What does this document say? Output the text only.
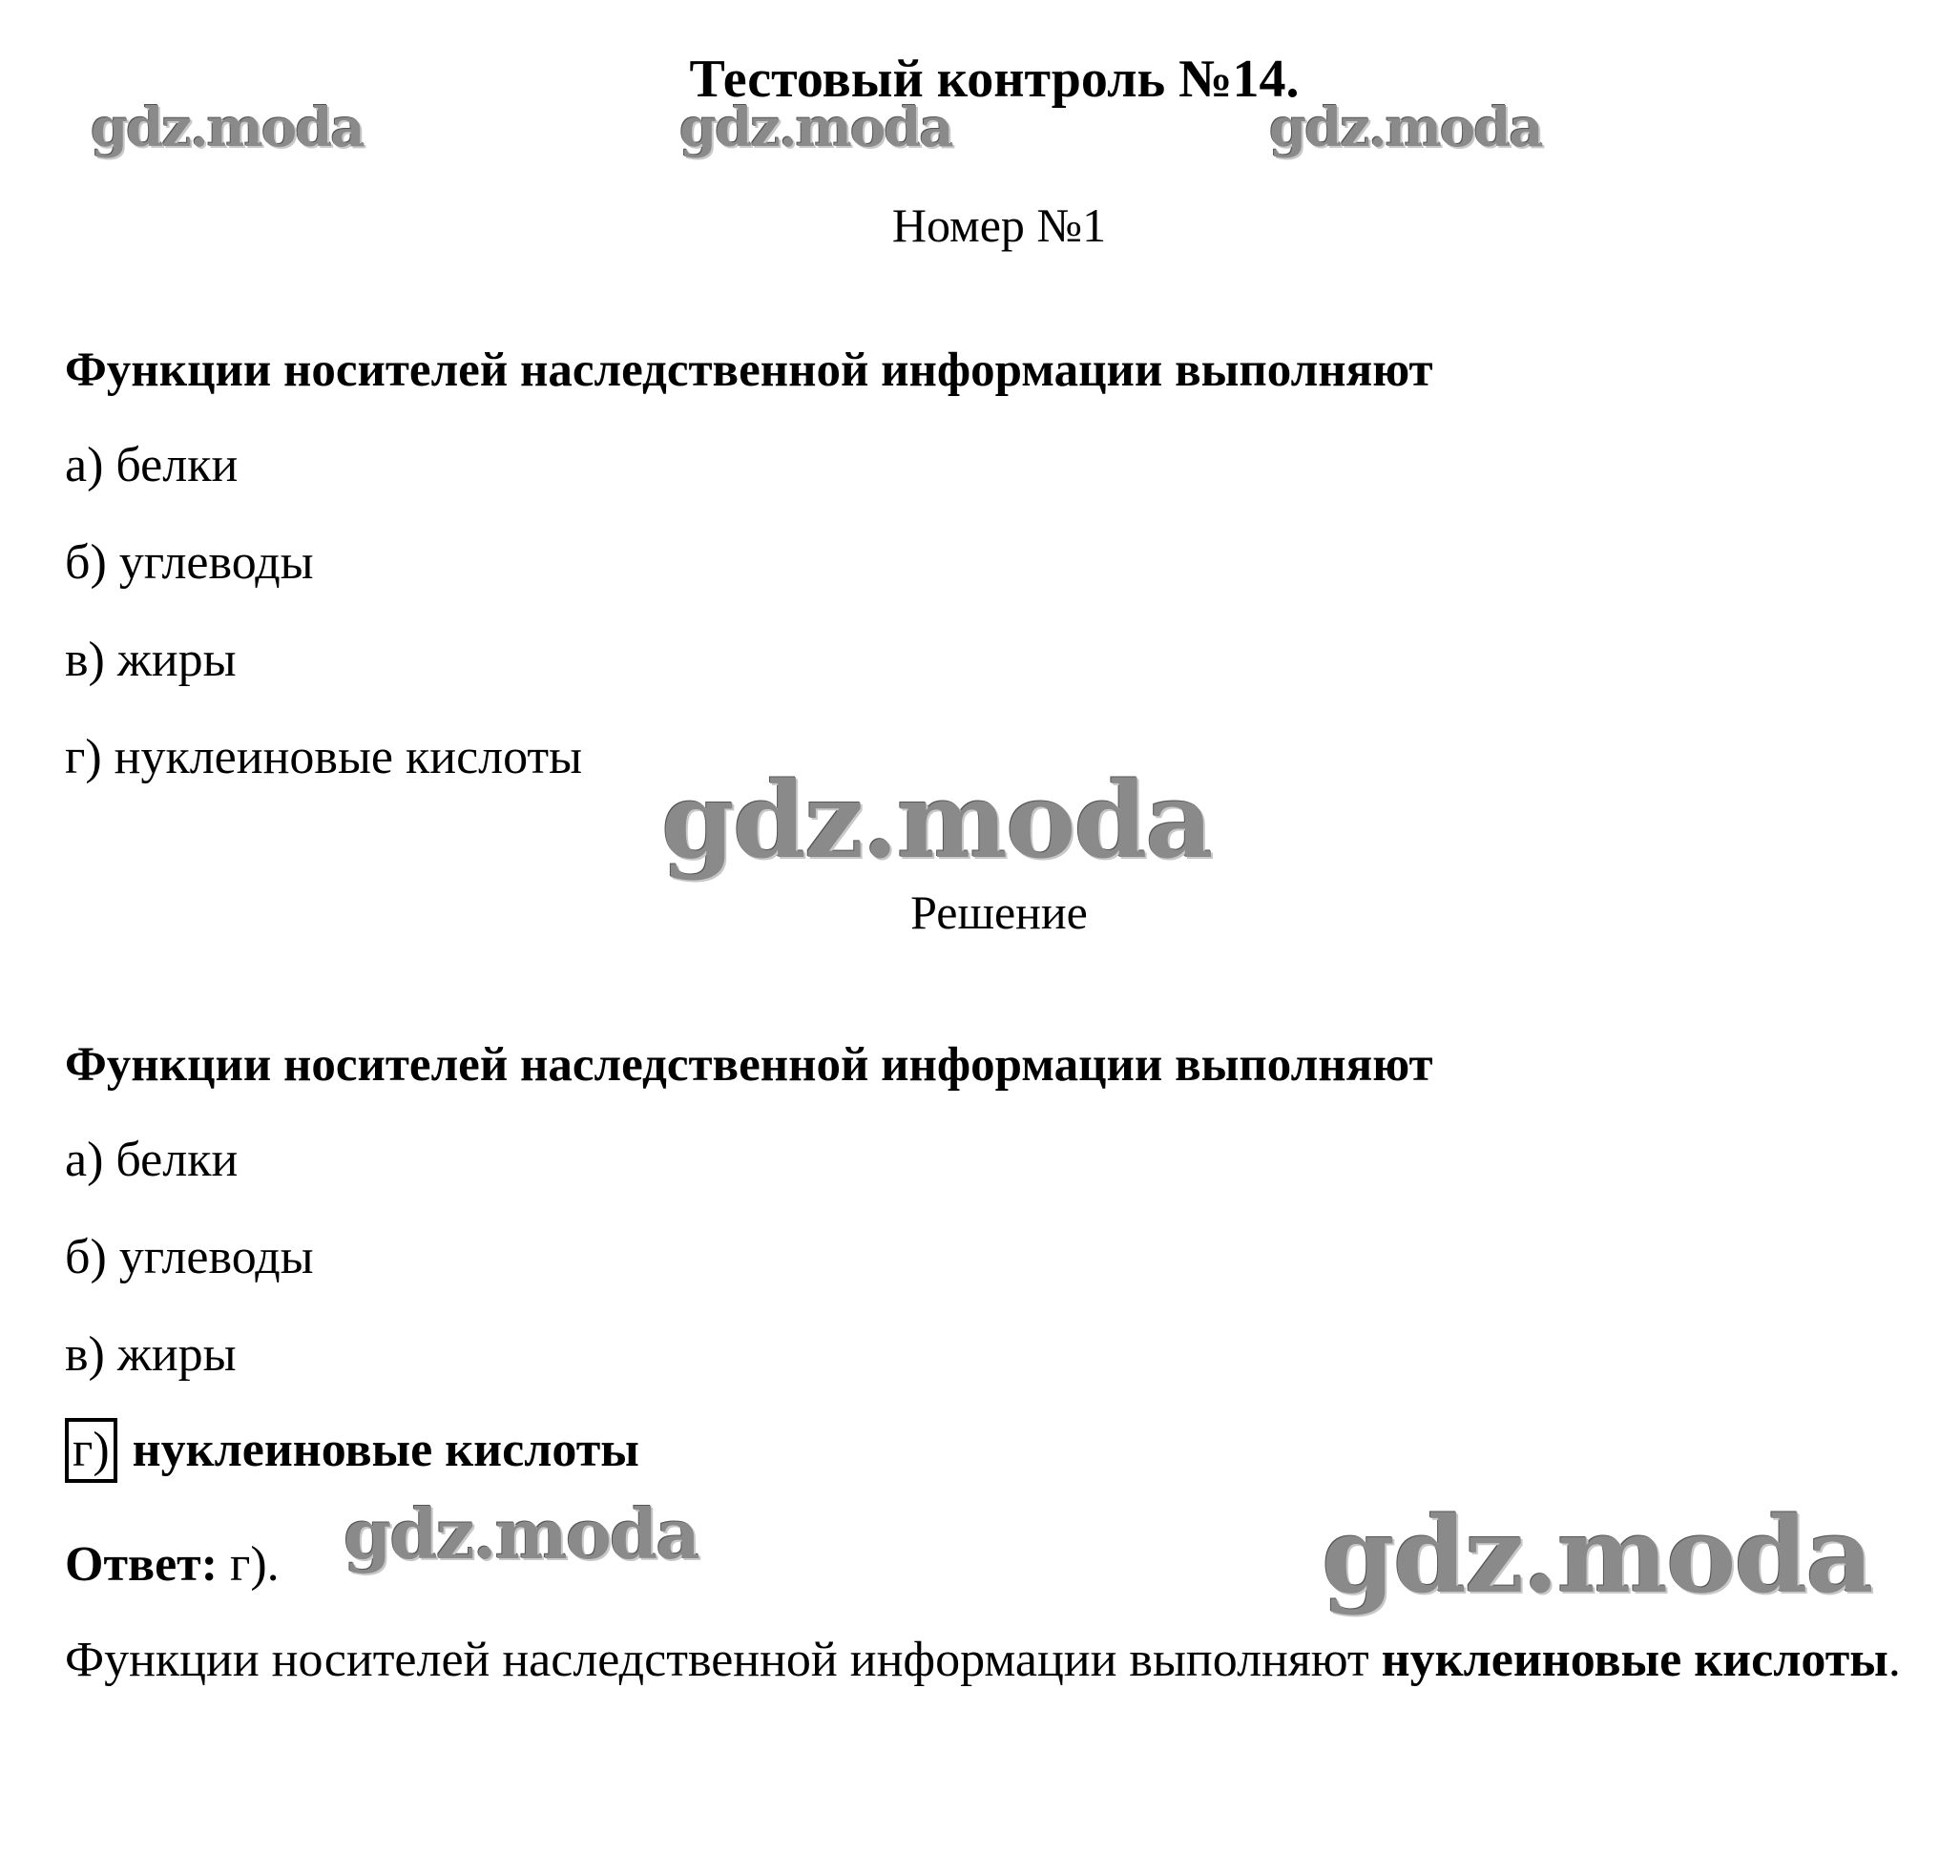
Тестовый контроль №14.
gdz.moda	gdz.moda	gdz.moda
Номер №1
Функции носителей наследственной информации выполняют
а) белки
б) углеводы
в) жиры
г) нуклеиновые кислоты
gdz.moda
Решение
Функции носителей наследственной информации выполняют
а) белки
б) углеводы
в) жиры
г) нуклеиновые кислоты
Ответ: г). gdz.moda	gdz.moda
Функции носителей наследственной информации выполняют нуклеиновые кислоты.
